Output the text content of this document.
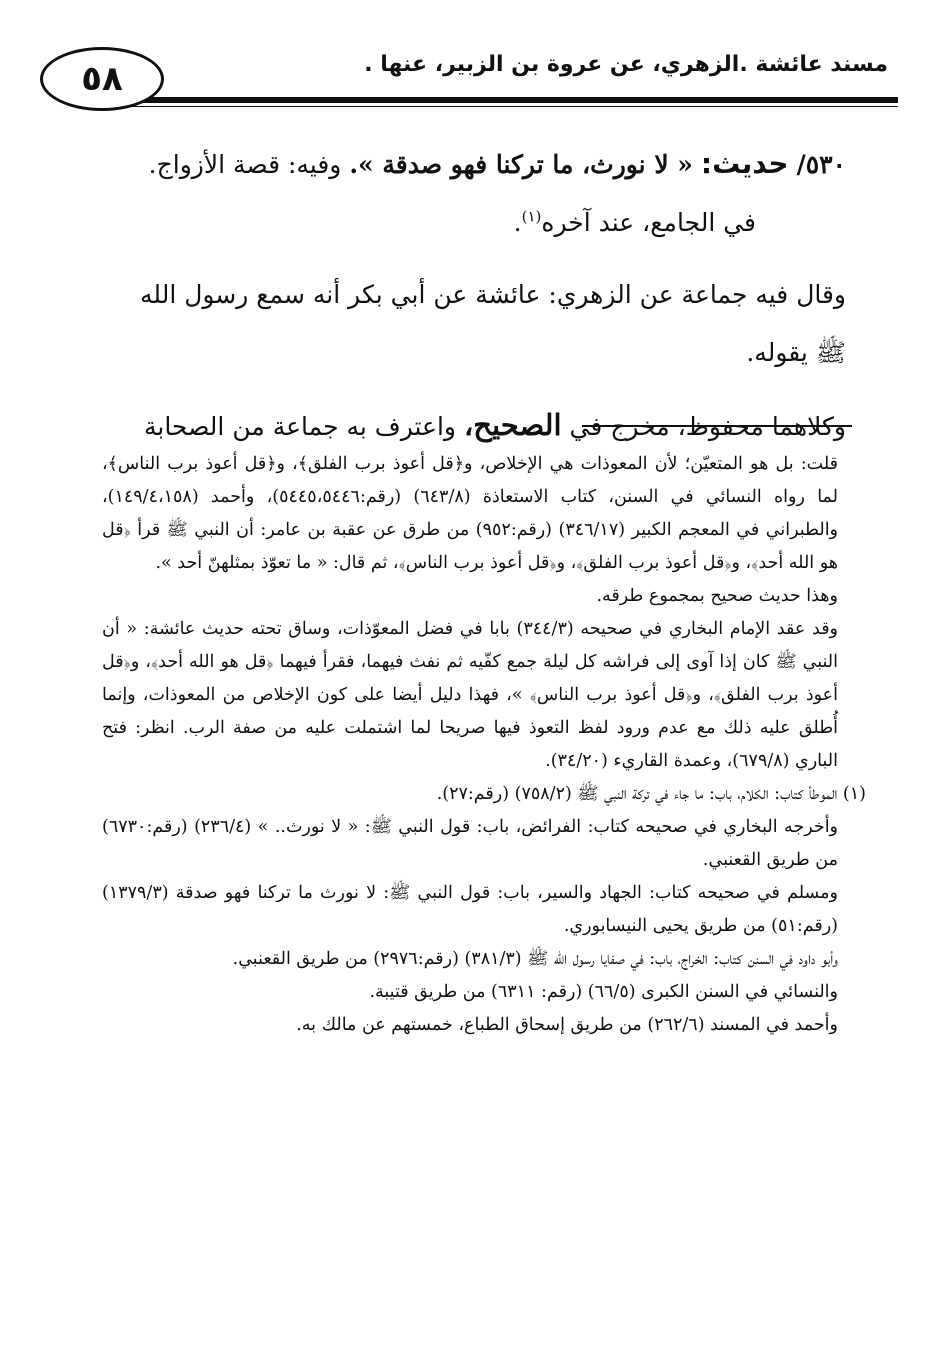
مسند عائشة .الزهري، عن عروة بن الزبير، عنها .
٥٨

٥٣٠/ حديث: « لا نورث، ما تركنا فهو صدقة ». وفيه: قصة الأزواج.

في الجامع، عند آخره$^{(١)}$.

وقال فيه جماعة عن الزهري: عائشة عن أبي بكر أنه سمع رسول الله
ﷺ يقوله.

وكلاهما محفوظ، مخرج في الصحيح، واعترف به جماعة من الصحابة

قلت: بل هو المتعيّن؛ لأن المعوذات هي الإخلاص، و﴿قل أعوذ برب الفلق﴾، و﴿قل أعوذ برب الناس﴾، لما رواه النسائي في السنن، كتاب الاستعاذة (٦٤٣/٨) (رقم:٥٤٤٥،٥٤٤٦)، وأحمد (١٤٩/٤،١٥٨)، والطبراني في المعجم الكبير (٣٤٦/١٧) (رقم:٩٥٢) من طرق عن عقبة بن عامر: أن النبي ﷺ قرأ ﴿قل هو الله أحد﴾، و﴿قل أعوذ برب الفلق﴾، و﴿قل أعوذ برب الناس﴾، ثم قال: « ما تعوّذ بمثلهنّ أحد ».

وهذا حديث صحيح بمجموع طرقه.

وقد عقد الإمام البخاري في صحيحه (٣٤٤/٣) بابا في فضل المعوّذات، وساق تحته حديث عائشة: « أن النبي ﷺ كان إذا آوى إلى فراشه كل ليلة جمع كفّيه ثم نفث فيهما، فقرأ فيهما ﴿قل هو الله أحد﴾، و﴿قل أعوذ برب الفلق﴾، و﴿قل أعوذ برب الناس﴾ »، فهذا دليل أيضا على كون الإخلاص من المعوذات، وإنما أُطلق عليه ذلك مع عدم ورود لفظ التعوذ فيها صريحا لما اشتملت عليه من صفة الرب. انظر: فتح الباري (٦٧٩/٨)، وعمدة القاريء (٣٤/٢٠).

(١) الموطأ كتاب: الكلام، باب: ما جاء في تركة النبي ﷺ (٧٥٨/٢) (رقم:٢٧).

وأخرجه البخاري في صحيحه كتاب: الفرائض، باب: قول النبي ﷺ: « لا نورث.. » (٢٣٦/٤) (رقم:٦٧٣٠) من طريق القعنبي.

ومسلم في صحيحه كتاب: الجهاد والسير، باب: قول النبي ﷺ: لا نورث ما تركنا فهو صدقة (١٣٧٩/٣) (رقم:٥١) من طريق يحيى النيسابوري.

وأبو داود في السنن كتاب: الخراج، باب: في صفايا رسول الله ﷺ (٣٨١/٣) (رقم:٢٩٧٦) من طريق القعنبي.

والنسائي في السنن الكبرى (٦٦/٥) (رقم: ٦٣١١) من طريق قتيبة.

وأحمد في المسند (٢٦٢/٦) من طريق إسحاق الطباع، خمستهم عن مالك به.
